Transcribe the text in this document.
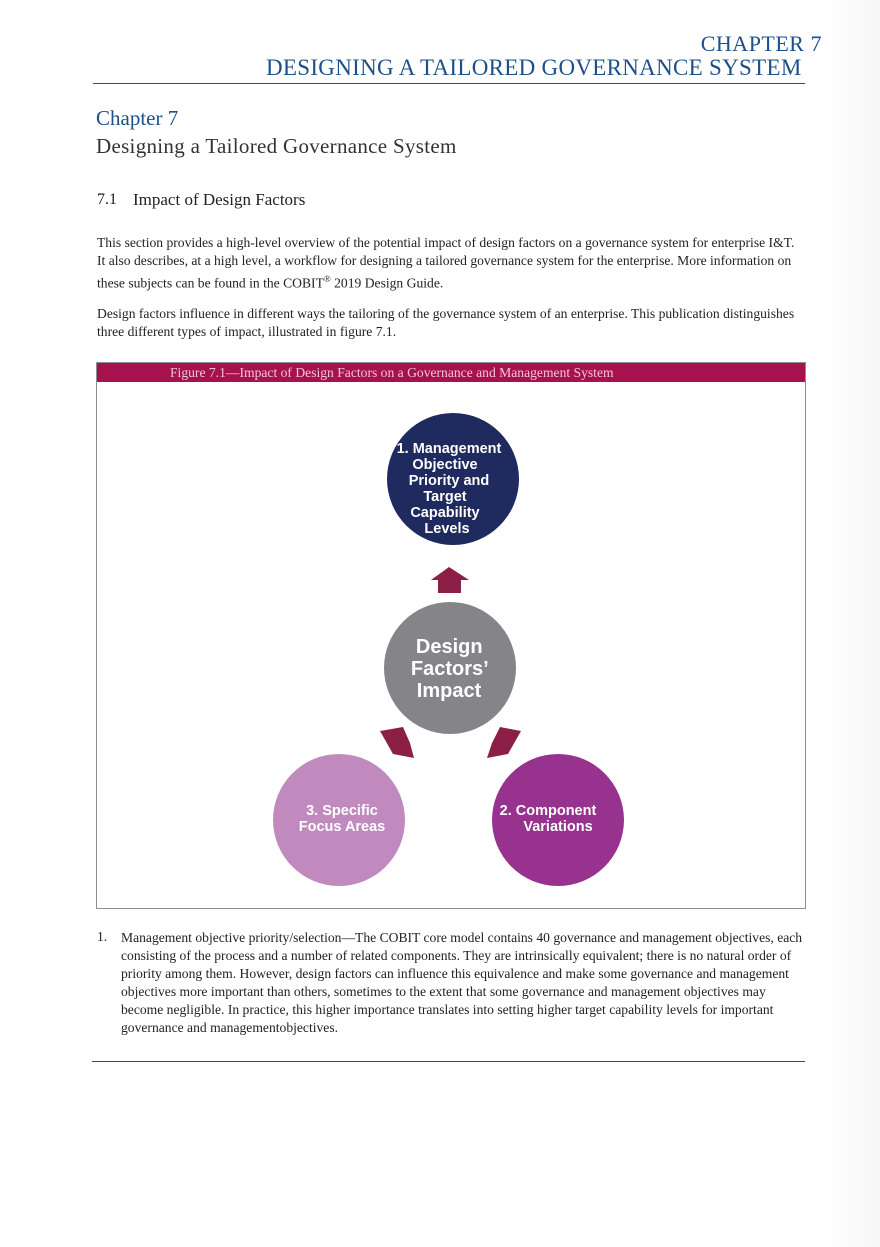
CHAPTER 7
DESIGNING A TAILORED GOVERNANCE SYSTEM
Chapter 7
Designing a Tailored Governance System
7.1 Impact of Design Factors
This section provides a high-level overview of the potential impact of design factors on a governance system for enterprise I&T. It also describes, at a high level, a workflow for designing a tailored governance system for the enterprise. More information on these subjects can be found in the COBIT® 2019 Design Guide.
Design factors influence in different ways the tailoring of the governance system of an enterprise. This publication distinguishes three different types of impact, illustrated in figure 7.1.
Figure 7.1—Impact of Design Factors on a Governance and Management System
1. Management Objective Priority and Target Capability Levels
Design Factors’ Impact
2. Component Variations
3. Specific Focus Areas
1. Management objective priority/selection—The COBIT core model contains 40 governance and management objectives, each consisting of the process and a number of related components. They are intrinsically equivalent; there is no natural order of priority among them. However, design factors can influence this equivalence and make some governance and management objectives more important than others, sometimes to the extent that some governance and management objectives may become negligible. In practice, this higher importance translates into setting higher target capability levels for important governance and managementobjectives.
